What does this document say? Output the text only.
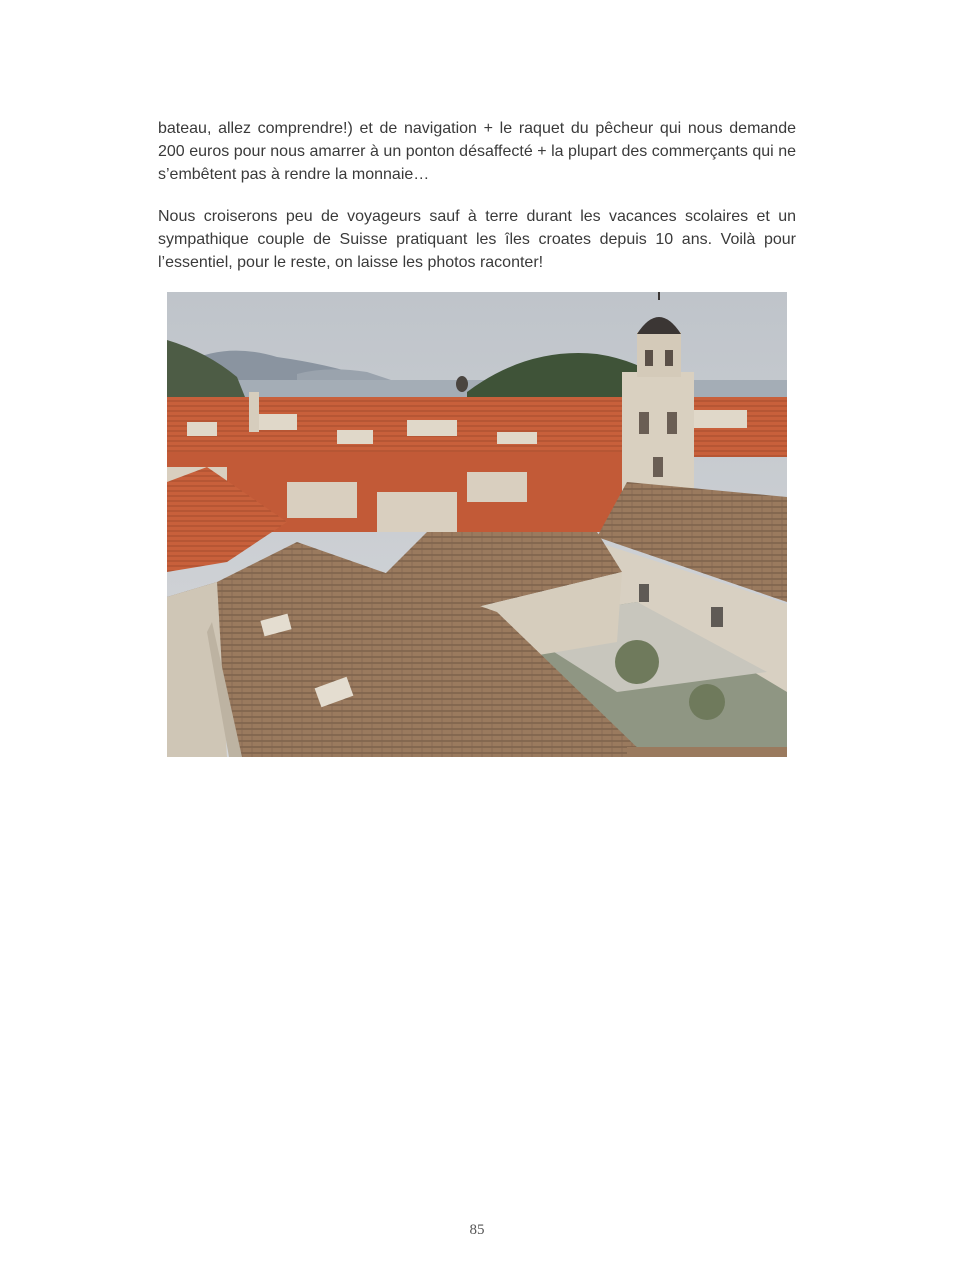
bateau, allez comprendre!) et de navigation + le raquet du pêcheur qui nous demande 200 euros pour nous amarrer à un ponton désaffecté + la plupart des commerçants qui ne s’embêtent pas à rendre la monnaie…

Nous croiserons peu de voyageurs sauf à terre durant les vacances scolaires et un sympathique couple de Suisse pratiquant les îles croates depuis 10 ans. Voilà pour l’essentiel, pour le reste, on laisse les photos raconter!

85
